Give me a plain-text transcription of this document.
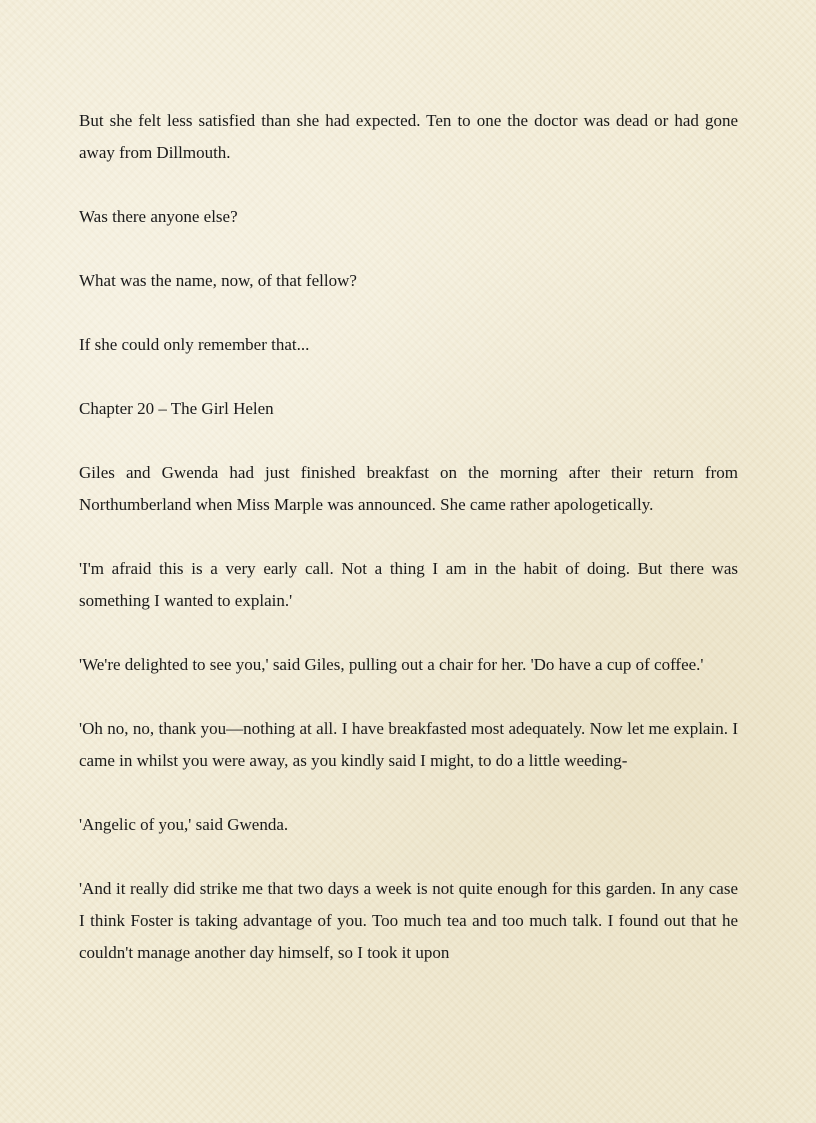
But she felt less satisfied than she had expected. Ten to one the doctor was dead or had gone away from Dillmouth.

Was there anyone else?

What was the name, now, of that fellow?

If she could only remember that...

Chapter 20 – The Girl Helen

Giles and Gwenda had just finished breakfast on the morning after their return from Northumberland when Miss Marple was announced. She came rather apologetically.

'I'm afraid this is a very early call. Not a thing I am in the habit of doing. But there was something I wanted to explain.'

'We're delighted to see you,' said Giles, pulling out a chair for her. 'Do have a cup of coffee.'

'Oh no, no, thank you—nothing at all. I have breakfasted most adequately. Now let me explain. I came in whilst you were away, as you kindly said I might, to do a little weeding-

'Angelic of you,' said Gwenda.

'And it really did strike me that two days a week is not quite enough for this garden. In any case I think Foster is taking advantage of you. Too much tea and too much talk. I found out that he couldn't manage another day himself, so I took it upon
